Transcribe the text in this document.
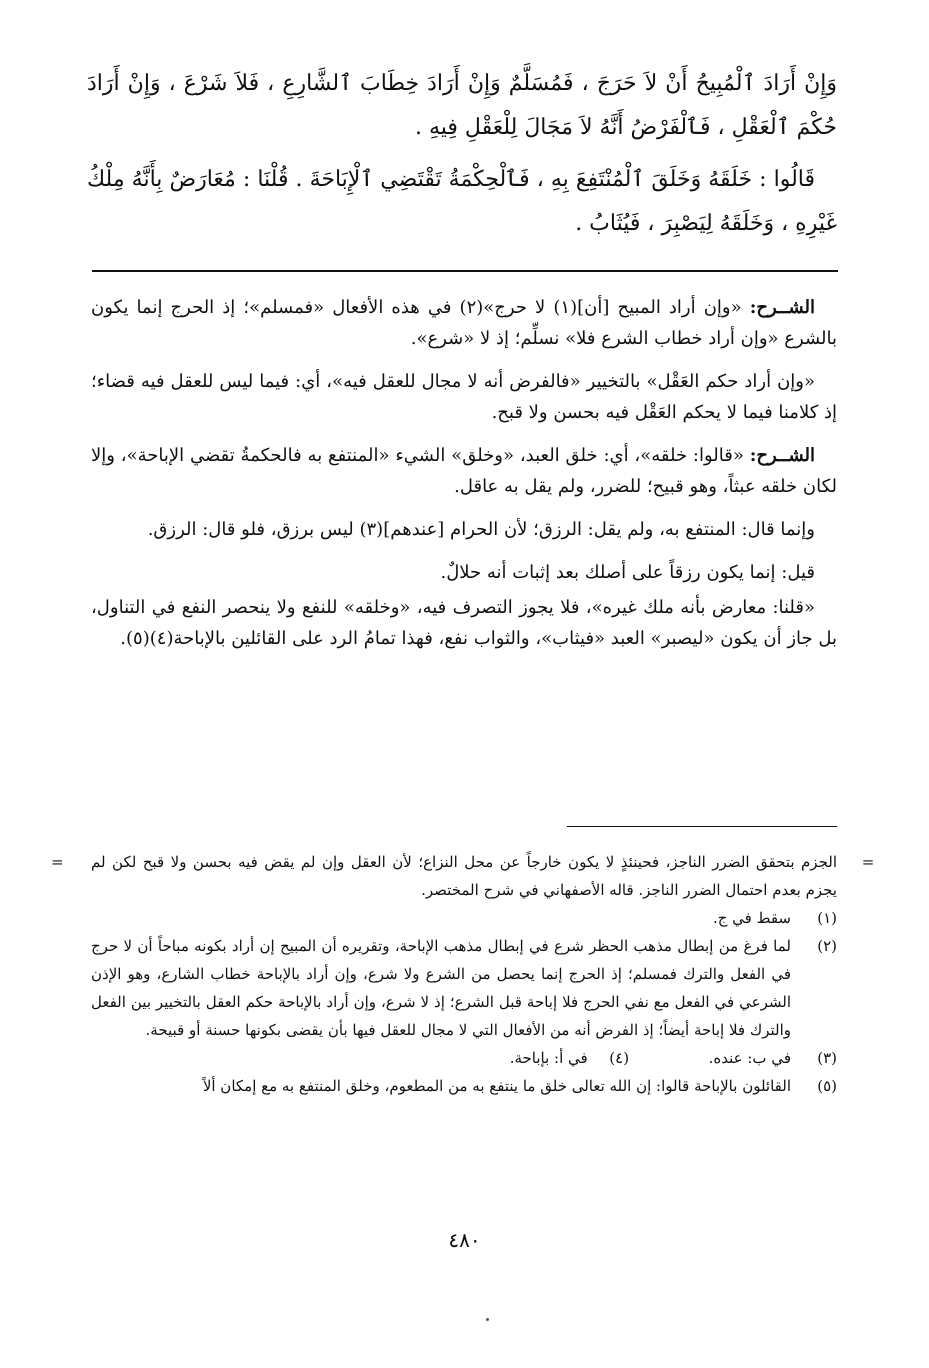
وَإِنْ أَرَادَ ٱلْمُبِيحُ أَنْ لاَ حَرَجَ ، فَمُسَلَّمٌ وَإِنْ أَرَادَ خِطَابَ ٱلشَّارِعِ ، فَلاَ شَرْعَ ، وَإِنْ أَرَادَ حُكْمَ ٱلْعَقْلِ ، فَٱلْفَرْضُ أَنَّهُ لاَ مَجَالَ لِلْعَقْلِ فِيهِ .

قَالُوا : خَلَقَهُ وَخَلَقَ ٱلْمُنْتَفِعَ بِهِ ، فَٱلْحِكْمَةُ تَقْتَضِي ٱلْإِبَاحَةَ . قُلْنَا : مُعَارَضٌ بِأَنَّهُ مِلْكُ غَيْرِهِ ، وَخَلَقَهُ لِيَصْبِرَ ، فَيُثَابُ .

الشــرح: «وإن أراد المبيح [أن](١) لا حرج»(٢) في هذه الأفعال «فمسلم»؛ إذ الحرج إنما يكون بالشرع «وإن أراد خطاب الشرع فلا» نسلِّم؛ إذ لا «شرع».

«وإن أراد حكم العَقْل» بالتخيير «فالفرض أنه لا مجال للعقل فيه»، أي: فيما ليس للعقل فيه قضاء؛ إذ كلامنا فيما لا يحكم العَقْل فيه بحسن ولا قبح.

الشــرح: «قالوا: خلقه»، أي: خلق العبد، «وخلق» الشيء «المنتفع به فالحكمةُ تقضي الإباحة»، وإلا لكان خلقه عبثاً، وهو قبيح؛ للضرر، ولم يقل به عاقل.

وإنما قال: المنتفع به، ولم يقل: الرزق؛ لأن الحرام [عندهم](٣) ليس برزق، فلو قال: الرزق.

قيل: إنما يكون رزقاً على أصلك بعد إثبات أنه حلالٌ.

«قلنا: معارض بأنه ملك غيره»، فلا يجوز التصرف فيه، «وخلقه» للنفع ولا ينحصر النفع في التناول، بل جاز أن يكون «ليصبر» العبد «فيثاب»، والثواب نفع، فهذا تمامُ الرد على القائلين بالإباحة(٤)(٥).

=
الجزم بتحقق الضرر الناجز، فحينئذٍ لا يكون خارجاً عن محل النزاع؛ لأن العقل وإن لم يقض فيه بحسن ولا قبح لكن لم يجزم بعدم احتمال الضرر الناجز. قاله الأصفهاني في شرح المختصر.
(١)
سقط في ج.
(٢)
لما فرغ من إبطال مذهب الحظر شرع في إبطال مذهب الإباحة، وتقريره أن المبيح إن أراد بكونه مباحاً أن لا حرج في الفعل والترك فمسلم؛ إذ الحرج إنما يحصل من الشرع ولا شرع، وإن أراد بالإباحة خطاب الشارع، وهو الإذن الشرعي في الفعل مع نفي الحرج فلا إباحة قبل الشرع؛ إذ لا شرع، وإن أراد بالإباحة حكم العقل بالتخيير بين الفعل والترك فلا إباحة أيضاً؛ إذ الفرض أنه من الأفعال التي لا مجال للعقل فيها بأن يقضى بكونها حسنة أو قبيحة.
(٣)
في ب: عنده.  (٤)  في أ: بإباحة.
(٥)
القائلون بالإباحة قالوا: إن الله تعالى خلق ما ينتفع به من المطعوم، وخلق المنتفع به مع إمكان ألاً
=
٤٨٠
